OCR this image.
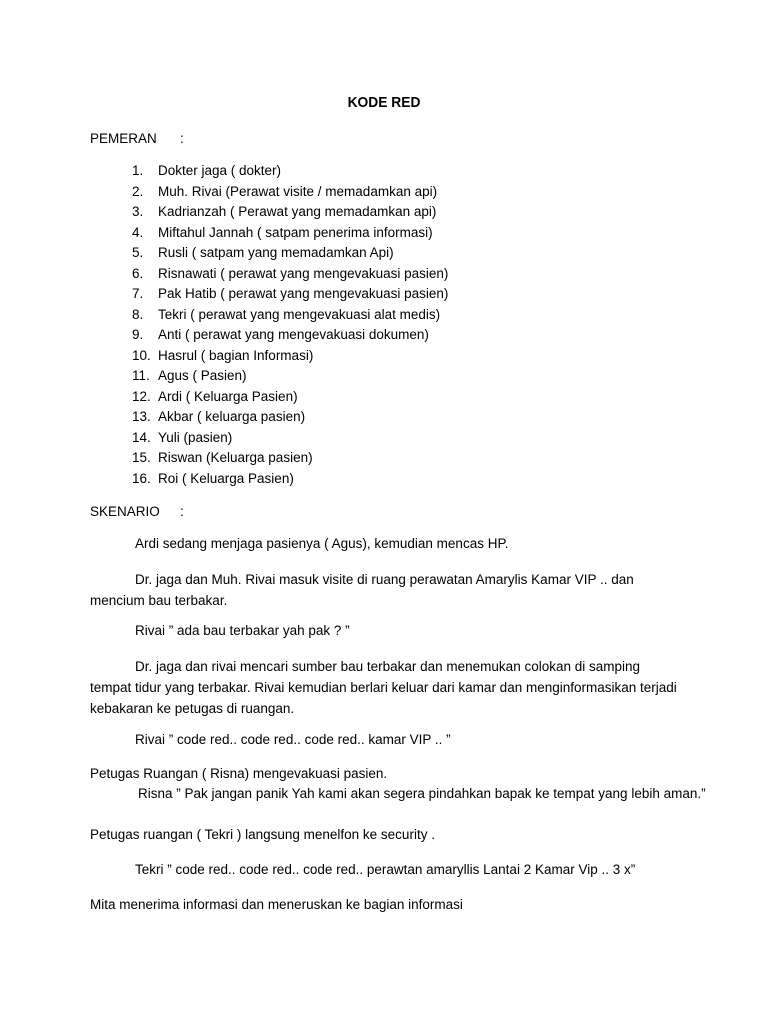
KODE RED
PEMERAN :
1. Dokter jaga ( dokter)
2. Muh. Rivai (Perawat visite / memadamkan api)
3. Kadrianzah ( Perawat yang memadamkan api)
4. Miftahul Jannah ( satpam penerima informasi)
5. Rusli ( satpam yang memadamkan Api)
6. Risnawati ( perawat yang mengevakuasi pasien)
7. Pak Hatib ( perawat yang mengevakuasi pasien)
8. Tekri ( perawat yang mengevakuasi alat medis)
9. Anti ( perawat yang mengevakuasi dokumen)
10. Hasrul ( bagian Informasi)
11. Agus ( Pasien)
12. Ardi ( Keluarga Pasien)
13. Akbar ( keluarga pasien)
14. Yuli (pasien)
15. Riswan (Keluarga pasien)
16. Roi ( Keluarga Pasien)
SKENARIO :
Ardi sedang menjaga pasienya ( Agus), kemudian mencas HP.

Dr. jaga dan Muh. Rivai masuk visite di ruang perawatan Amarylis Kamar VIP .. dan mencium bau terbakar.

Rivai ” ada bau terbakar yah pak ? ”

Dr. jaga dan rivai mencari sumber bau terbakar dan menemukan colokan di samping tempat tidur yang terbakar. Rivai kemudian berlari keluar dari kamar dan menginformasikan terjadi kebakaran ke petugas di ruangan.

Rivai ” code red.. code red.. code red.. kamar VIP .. ”
Petugas Ruangan ( Risna) mengevakuasi pasien.
Risna ” Pak jangan panik Yah kami akan segera pindahkan bapak ke tempat yang lebih aman.”
Petugas ruangan ( Tekri ) langsung menelfon ke security .
Tekri ” code red.. code red.. code red.. perawtan amaryllis Lantai 2 Kamar Vip .. 3 x”
Mita menerima informasi dan meneruskan ke bagian informasi
